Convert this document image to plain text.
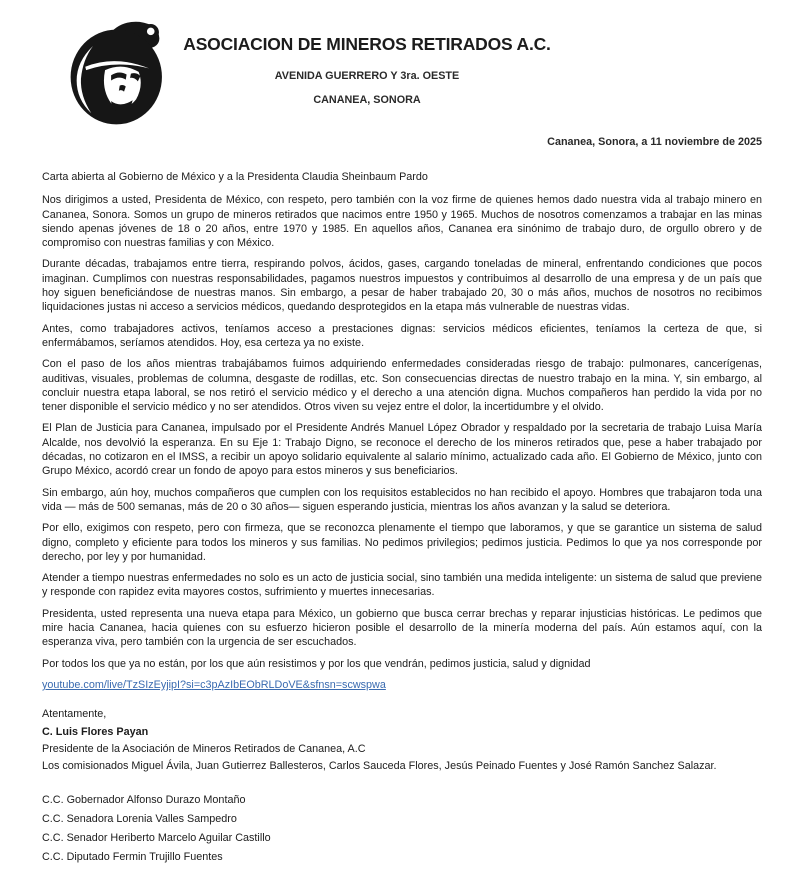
ASOCIACION DE MINEROS RETIRADOS A.C.
AVENIDA GUERRERO Y 3ra. OESTE
CANANEA, SONORA
Cananea, Sonora, a 11 noviembre de 2025

Carta abierta al Gobierno de México y a la Presidenta Claudia Sheinbaum Pardo

Nos dirigimos a usted, Presidenta de México, con respeto, pero también con la voz firme de quienes hemos dado nuestra vida al trabajo minero en Cananea, Sonora. Somos un grupo de mineros retirados que nacimos entre 1950 y 1965. Muchos de nosotros comenzamos a trabajar en las minas siendo apenas jóvenes de 18 o 20 años, entre 1970 y 1985. En aquellos años, Cananea era sinónimo de trabajo duro, de orgullo obrero y de compromiso con nuestras familias y con México.

Durante décadas, trabajamos entre tierra, respirando polvos, ácidos, gases, cargando toneladas de mineral, enfrentando condiciones que pocos imaginan. Cumplimos con nuestras responsabilidades, pagamos nuestros impuestos y contribuimos al desarrollo de una empresa y de un país que hoy siguen beneficiándose de nuestras manos. Sin embargo, a pesar de haber trabajado 20, 30 o más años, muchos de nosotros no recibimos liquidaciones justas ni acceso a servicios médicos, quedando desprotegidos en la etapa más vulnerable de nuestras vidas.

Antes, como trabajadores activos, teníamos acceso a prestaciones dignas: servicios médicos eficientes, teníamos la certeza de que, si enfermábamos, seríamos atendidos. Hoy, esa certeza ya no existe.

Con el paso de los años mientras trabajábamos fuimos adquiriendo enfermedades consideradas riesgo de trabajo: pulmonares, cancerígenas, auditivas, visuales, problemas de columna, desgaste de rodillas, etc. Son consecuencias directas de nuestro trabajo en la mina. Y, sin embargo, al concluir nuestra etapa laboral, se nos retiró el servicio médico y el derecho a una atención digna. Muchos compañeros han perdido la vida por no tener disponible el servicio médico y no ser atendidos. Otros viven su vejez entre el dolor, la incertidumbre y el olvido.

El Plan de Justicia para Cananea, impulsado por el Presidente Andrés Manuel López Obrador y respaldado por la secretaria de trabajo Luisa María Alcalde, nos devolvió la esperanza. En su Eje 1: Trabajo Digno, se reconoce el derecho de los mineros retirados que, pese a haber trabajado por décadas, no cotizaron en el IMSS, a recibir un apoyo solidario equivalente al salario mínimo, actualizado cada año. El Gobierno de México, junto con Grupo México, acordó crear un fondo de apoyo para estos mineros y sus beneficiarios.

Sin embargo, aún hoy, muchos compañeros que cumplen con los requisitos establecidos no han recibido el apoyo. Hombres que trabajaron toda una vida — más de 500 semanas, más de 20 o 30 años— siguen esperando justicia, mientras los años avanzan y la salud se deteriora.

Por ello, exigimos con respeto, pero con firmeza, que se reconozca plenamente el tiempo que laboramos, y que se garantice un sistema de salud digno, completo y eficiente para todos los mineros y sus familias. No pedimos privilegios; pedimos justicia. Pedimos lo que ya nos corresponde por derecho, por ley y por humanidad.

Atender a tiempo nuestras enfermedades no solo es un acto de justicia social, sino también una medida inteligente: un sistema de salud que previene y responde con rapidez evita mayores costos, sufrimiento y muertes innecesarias.

Presidenta, usted representa una nueva etapa para México, un gobierno que busca cerrar brechas y reparar injusticias históricas. Le pedimos que mire hacia Cananea, hacia quienes con su esfuerzo hicieron posible el desarrollo de la minería moderna del país. Aún estamos aquí, con la esperanza viva, pero también con la urgencia de ser escuchados.

Por todos los que ya no están, por los que aún resistimos y por los que vendrán, pedimos justicia, salud y dignidad

youtube.com/live/TzSIzEyjipI?si=c3pAzIbEObRLDoVE&sfnsn=scwspwa

Atentamente,

C. Luis Flores Payan

Presidente de la Asociación de Mineros Retirados de Cananea, A.C

Los comisionados Miguel Ávila, Juan Gutierrez Ballesteros, Carlos Sauceda Flores, Jesús Peinado Fuentes y José Ramón Sanchez Salazar.

C.C. Gobernador Alfonso Durazo Montaño

C.C. Senadora Lorenia Valles Sampedro

C.C. Senador Heriberto Marcelo Aguilar Castillo

C.C. Diputado Fermin Trujillo Fuentes
